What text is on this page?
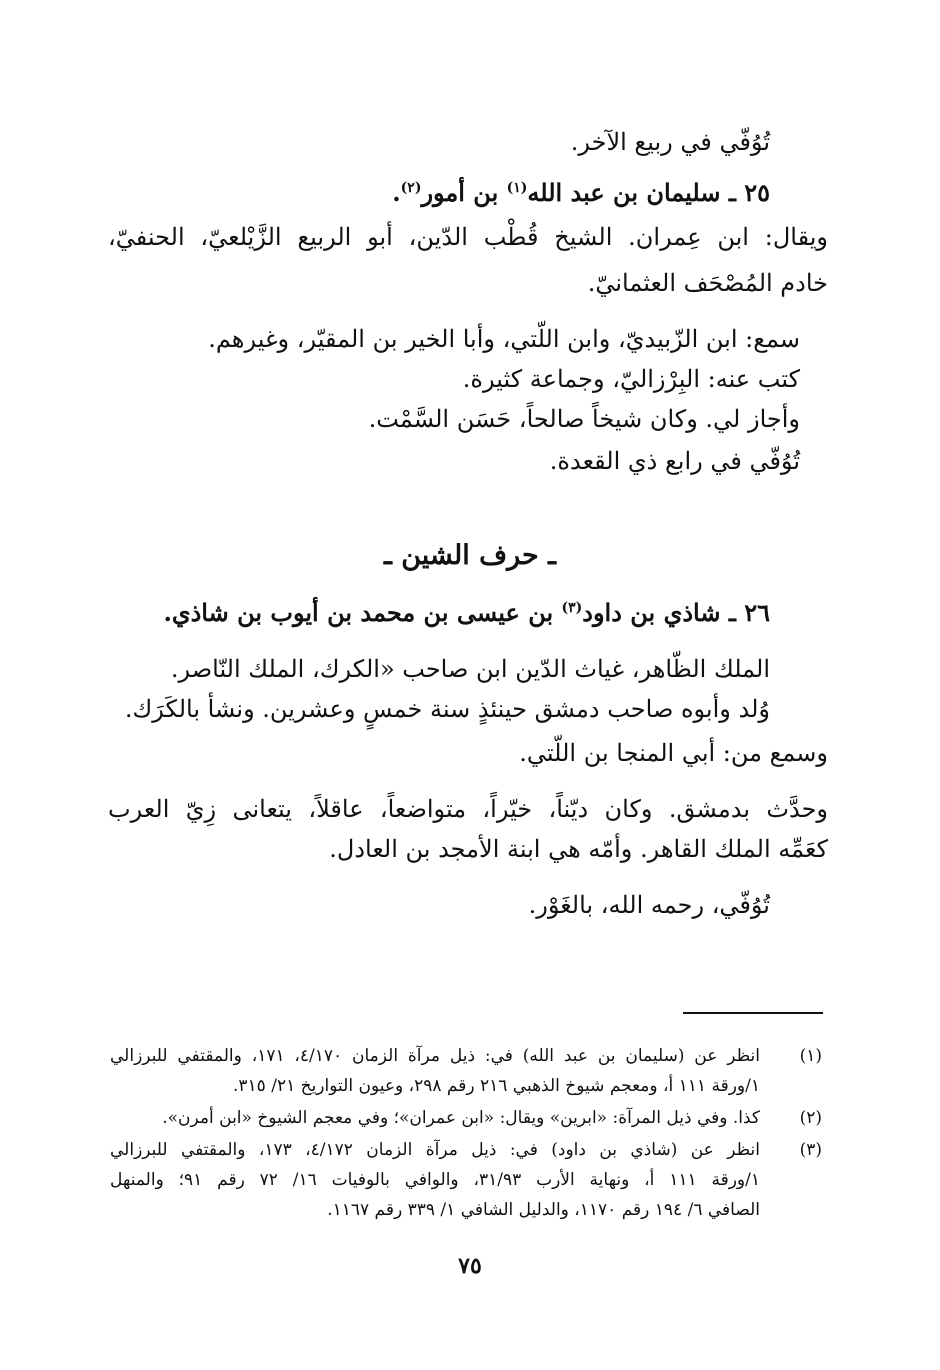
تُوُفّي في ربيع الآخر.
٢٥ ـ سليمان بن عبد الله$^{(١)}$ بن أمور$^{(٢)}$.
ويقال: ابن عِمران. الشيخ قُطْب الدّين، أبو الربيع الزَّيْلعيّ، الحنفيّ،
خادم المُصْحَف العثمانيّ.
سمع: ابن الزّبيديّ، وابن اللّتي، وأبا الخير بن المقيّر، وغيرهم.
كتب عنه: البِرْزاليّ، وجماعة كثيرة.
وأجاز لي. وكان شيخاً صالحاً، حَسَن السَّمْت.
تُوُفّي في رابع ذي القعدة.
ـ حرف الشين ـ
٢٦ ـ شاذي بن داود$^{(٣)}$ بن عيسى بن محمد بن أيوب بن شاذي.
الملك الظّاهر، غياث الدّين ابن صاحب «الكرك، الملك النّاصر.
وُلد وأبوه صاحب دمشق حينئذٍ سنة خمسٍ وعشرين. ونشأ بالكَرَك.
وسمع من: أبي المنجا بن اللّتي.
وحدَّث بدمشق. وكان ديّناً، خيّراً، متواضعاً، عاقلاً، يتعانى زِيّ العرب
كعَمِّه الملك القاهر. وأمّه هي ابنة الأمجد بن العادل.
تُوُفّي، رحمه الله، بالغَوْر.
(١)
انظر عن (سليمان بن عبد الله) في: ذيل مرآة الزمان ٤/١٧٠، ١٧١، والمقتفي للبرزالي
١/ورقة ١١١ أ، ومعجم شيوخ الذهبي ٢١٦ رقم ٢٩٨، وعيون التواريخ ٢١/ ٣١٥.
(٢)
كذا. وفي ذيل المرآة: «ابرين» ويقال: «ابن عمران»؛ وفي معجم الشيوخ «ابن أمرن».
(٣)
انظر عن (شاذي بن داود) في: ذيل مرآة الزمان ٤/١٧٢، ١٧٣، والمقتفي للبرزالي
١/ورقة ١١١ أ، ونهاية الأرب ٣١/٩٣، والوافي بالوفيات ١٦/ ٧٢ رقم ٩١؛ والمنهل
الصافي ٦/ ١٩٤ رقم ١١٧٠، والدليل الشافي ١/ ٣٣٩ رقم ١١٦٧.
٧٥
